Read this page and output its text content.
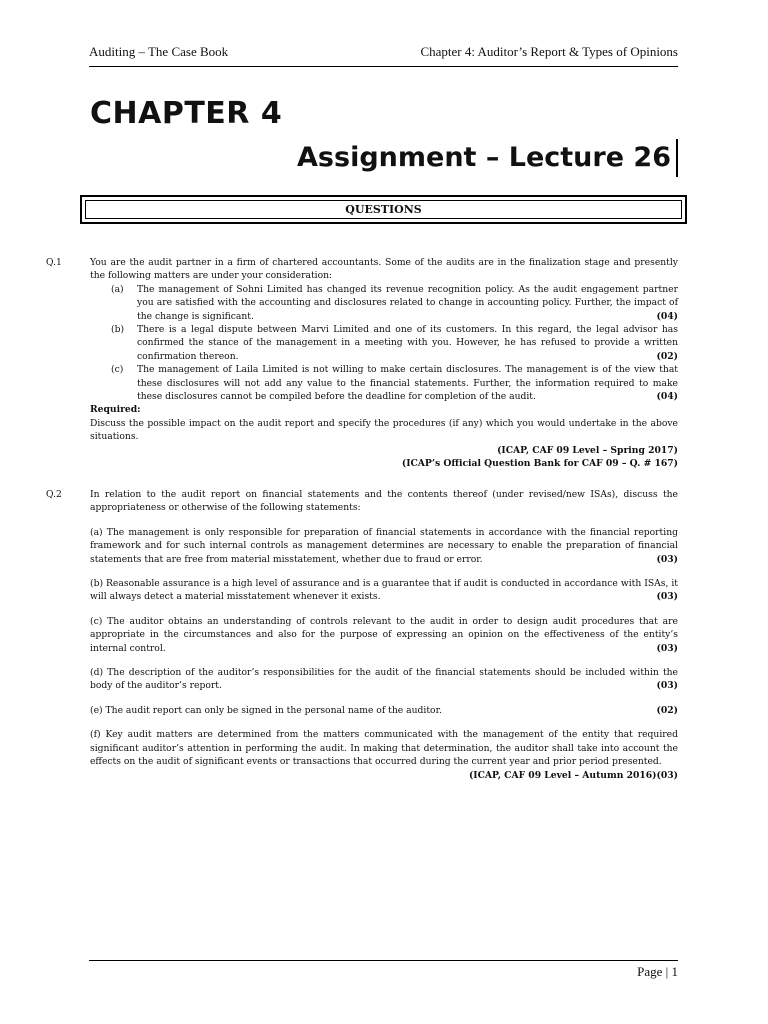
Auditing – The Case Book	Chapter 4: Auditor’s Report & Types of Opinions
CHAPTER 4
Assignment – Lecture 26
QUESTIONS
Q.1	You are the audit partner in a firm of chartered accountants. Some of the audits are in the finalization stage and presently the following matters are under your consideration:
(a)	The management of Sohni Limited has changed its revenue recognition policy. As the audit engagement partner you are satisfied with the accounting and disclosures related to change in accounting policy. Further, the impact of the change is significant.	(04)
(b)	There is a legal dispute between Marvi Limited and one of its customers. In this regard, the legal advisor has confirmed the stance of the management in a meeting with you. However, he has refused to provide a written confirmation thereon.	(02)
(c)	The management of Laila Limited is not willing to make certain disclosures. The management is of the view that these disclosures will not add any value to the financial statements. Further, the information required to make these disclosures cannot be compiled before the deadline for completion of the audit.	(04)
Required:
Discuss the possible impact on the audit report and specify the procedures (if any) which you would undertake in the above situations.
(ICAP, CAF 09 Level – Spring 2017)
(ICAP’s Official Question Bank for CAF 09 – Q. # 167)
Q.2	In relation to the audit report on financial statements and the contents thereof (under revised/new ISAs), discuss the appropriateness or otherwise of the following statements:
(a) The management is only responsible for preparation of financial statements in accordance with the financial reporting framework and for such internal controls as management determines are necessary to enable the preparation of financial statements that are free from material misstatement, whether due to fraud or error.	(03)
(b) Reasonable assurance is a high level of assurance and is a guarantee that if audit is conducted in accordance with ISAs, it will always detect a material misstatement whenever it exists.	(03)
(c) The auditor obtains an understanding of controls relevant to the audit in order to design audit procedures that are appropriate in the circumstances and also for the purpose of expressing an opinion on the effectiveness of the entity’s internal control.	(03)
(d) The description of the auditor’s responsibilities for the audit of the financial statements should be included within the body of the auditor’s report.	(03)
(e) The audit report can only be signed in the personal name of the auditor.	(02)
(f) Key audit matters are determined from the matters communicated with the management of the entity that required significant auditor’s attention in performing the audit. In making that determination, the auditor shall take into account the effects on the audit of significant events or transactions that occurred during the current year and prior period presented.
(03)
(ICAP, CAF 09 Level – Autumn 2016)
Page | 1
